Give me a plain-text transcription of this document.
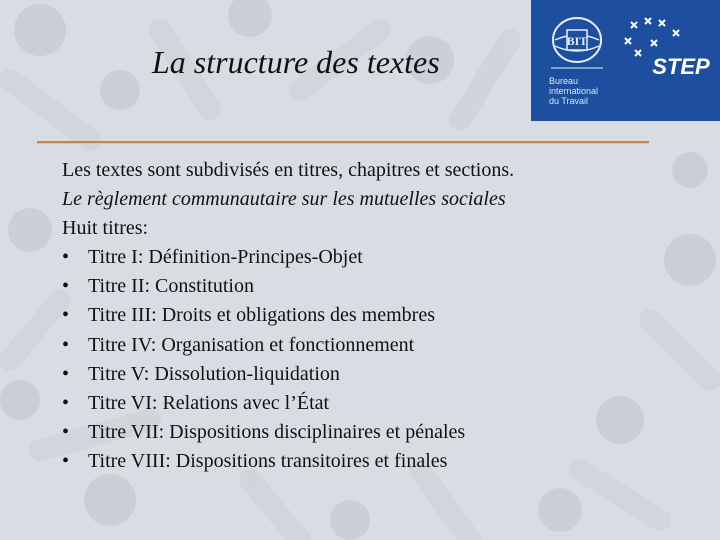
BIT
STEP
Bureau
international
du Travail
La structure des textes
Les textes sont subdivisés en titres, chapitres et sections.
Le règlement communautaire sur les mutuelles sociales
Huit titres:
• Titre I: Définition-Principes-Objet
• Titre II: Constitution
• Titre III: Droits et obligations des membres
• Titre IV: Organisation et fonctionnement
• Titre V: Dissolution-liquidation
• Titre VI: Relations avec l’État
• Titre VII: Dispositions disciplinaires et pénales
• Titre VIII: Dispositions transitoires et finales
